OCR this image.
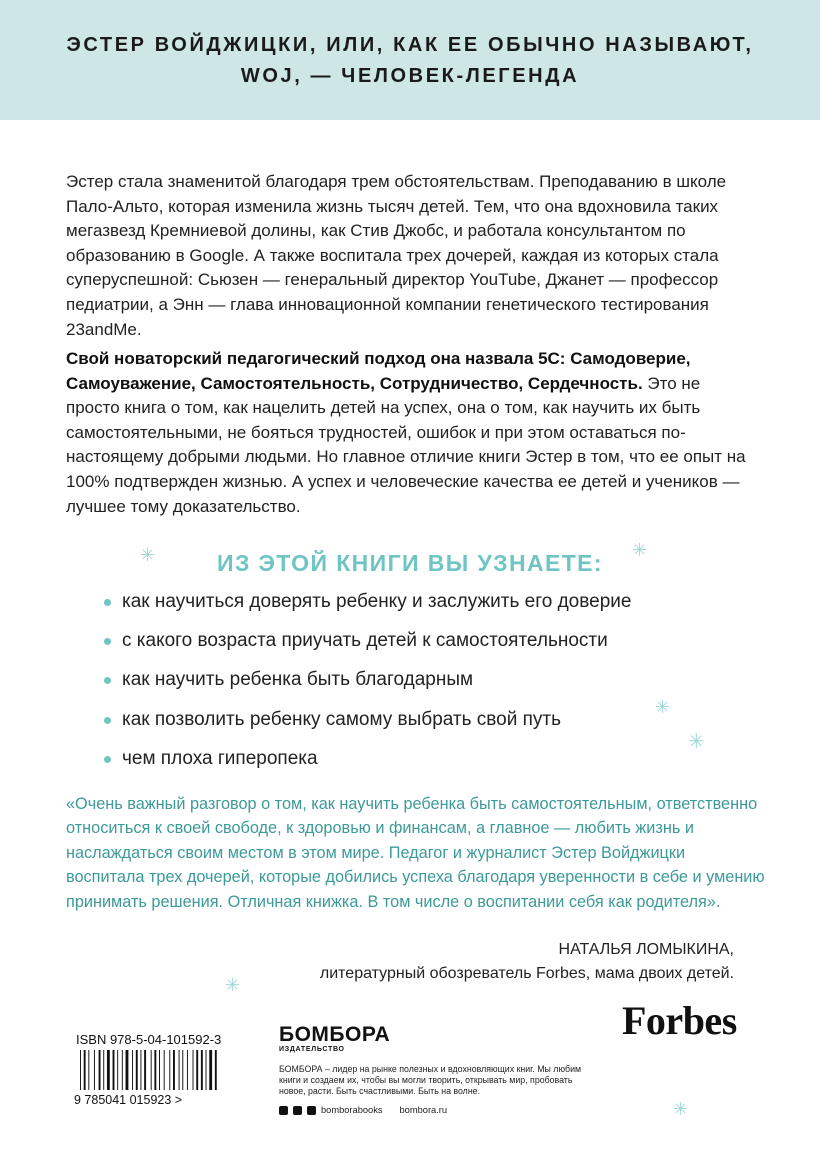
ЭСТЕР ВОЙДЖИЦКИ, ИЛИ, КАК ЕЕ ОБЫЧНО НАЗЫВАЮТ,
WOJ, — ЧЕЛОВЕК-ЛЕГЕНДА

Эстер стала знаменитой благодаря трем обстоятельствам. Преподаванию в школе Пало-Альто, которая изменила жизнь тысяч детей. Тем, что она вдохновила таких мегазвезд Кремниевой долины, как Стив Джобс, и работала консультантом по образованию в Google. А также воспитала трех дочерей, каждая из которых стала суперуспешной: Сьюзен — генеральный директор YouTube, Джанет — профессор педиатрии, а Энн — глава инновационной компании генетического тестирования 23andMe.

Свой новаторский педагогический подход она назвала 5С: Самодоверие, Самоуважение, Самостоятельность, Сотрудничество, Сердечность. Это не просто книга о том, как нацелить детей на успех, она о том, как научить их быть самостоятельными, не бояться трудностей, ошибок и при этом оставаться по-настоящему добрыми людьми. Но главное отличие книги Эстер в том, что ее опыт на 100% подтвержден жизнью. А успех и человеческие качества ее детей и учеников — лучшее тому доказательство.

✳	✳
✳
✳
✳
✳
ИЗ ЭТОЙ КНИГИ ВЫ УЗНАЕТЕ:
как научиться доверять ребенку и заслужить его доверие
с какого возраста приучать детей к самостоятельности
как научить ребенка быть благодарным
как позволить ребенку самому выбрать свой путь
чем плоха гиперопека

«Очень важный разговор о том, как научить ребенка быть самостоятельным, ответственно относиться к своей свободе, к здоровью и финансам, а главное — любить жизнь и наслаждаться своим местом в этом мире. Педагог и журналист Эстер Войджицки воспитала трех дочерей, которые добились успеха благодаря уверенности в себе и умению принимать решения. Отличная книжка. В том числе о воспитании себя как родителя».

НАТАЛЬЯ ЛОМЫКИНА,
литературный обозреватель Forbes, мама двоих детей.
Forbes
ISBN 978-5-04-101592-3
9 785041 015923 >
БОМБОРА
ИЗДАТЕЛЬСТВО

БОМБОРА – лидер на рынке полезных и вдохновляющих книг. Мы любим книги и создаем их, чтобы вы могли творить, открывать мир, пробовать новое, расти. Быть счастливыми. Быть на волне.

bomborabooks bombora.ru
